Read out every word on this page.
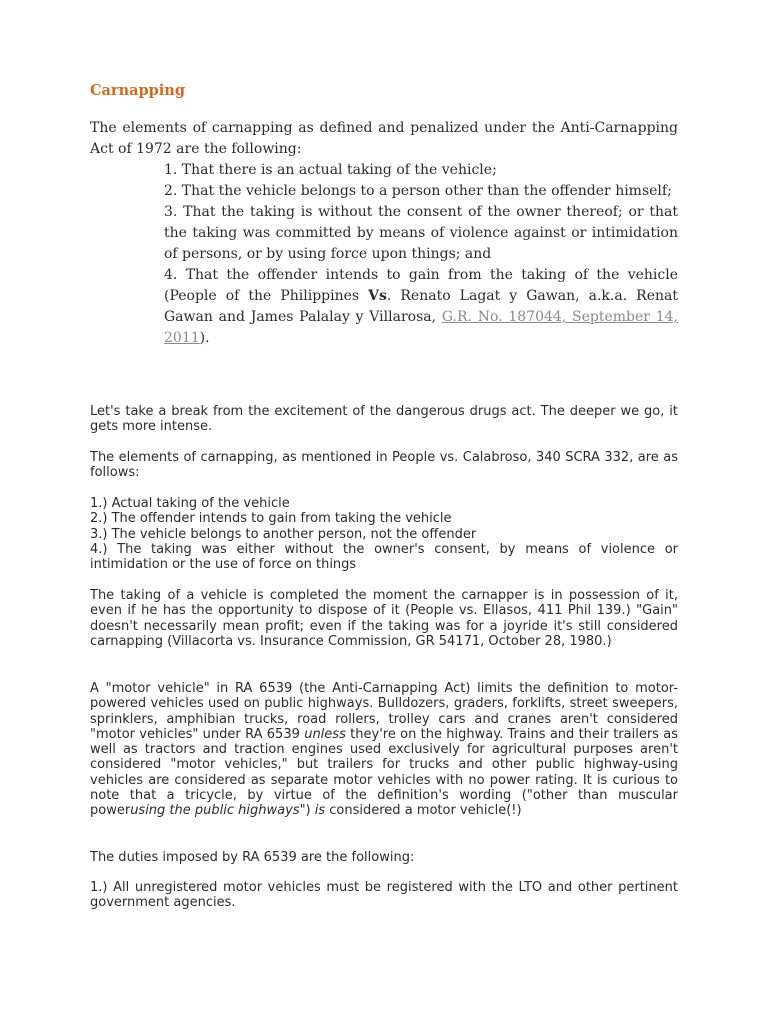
Carnapping

The elements of carnapping as defined and penalized under the Anti-Carnapping Act of 1972 are the following:

1. That there is an actual taking of the vehicle;

2. That the vehicle belongs to a person other than the offender himself;

3. That the taking is without the consent of the owner thereof; or that the taking was committed by means of violence against or intimidation of persons, or by using force upon things; and

4. That the offender intends to gain from the taking of the vehicle (People of the Philippines Vs. Renato Lagat y Gawan, a.k.a. Renat Gawan and James Palalay y Villarosa, G.R. No. 187044, September 14, 2011).

Let's take a break from the excitement of the dangerous drugs act. The deeper we go, it gets more intense.

The elements of carnapping, as mentioned in People vs. Calabroso, 340 SCRA 332, are as follows:

1.) Actual taking of the vehicle
2.) The offender intends to gain from taking the vehicle
3.) The vehicle belongs to another person, not the offender
4.) The taking was either without the owner's consent, by means of violence or intimidation or the use of force on things

The taking of a vehicle is completed the moment the carnapper is in possession of it, even if he has the opportunity to dispose of it (People vs. Ellasos, 411 Phil 139.) "Gain" doesn't necessarily mean profit; even if the taking was for a joyride it's still considered carnapping (Villacorta vs. Insurance Commission, GR 54171, October 28, 1980.)

A "motor vehicle" in RA 6539 (the Anti-Carnapping Act) limits the definition to motor-powered vehicles used on public highways. Bulldozers, graders, forklifts, street sweepers, sprinklers, amphibian trucks, road rollers, trolley cars and cranes aren't considered "motor vehicles" under RA 6539 unless they're on the highway. Trains and their trailers as well as tractors and traction engines used exclusively for agricultural purposes aren't considered "motor vehicles," but trailers for trucks and other public highway-using vehicles are considered as separate motor vehicles with no power rating. It is curious to note that a tricycle, by virtue of the definition's wording ("other than muscular powerusing the public highways") is considered a motor vehicle(!)

The duties imposed by RA 6539 are the following:

1.) All unregistered motor vehicles must be registered with the LTO and other pertinent government agencies.
